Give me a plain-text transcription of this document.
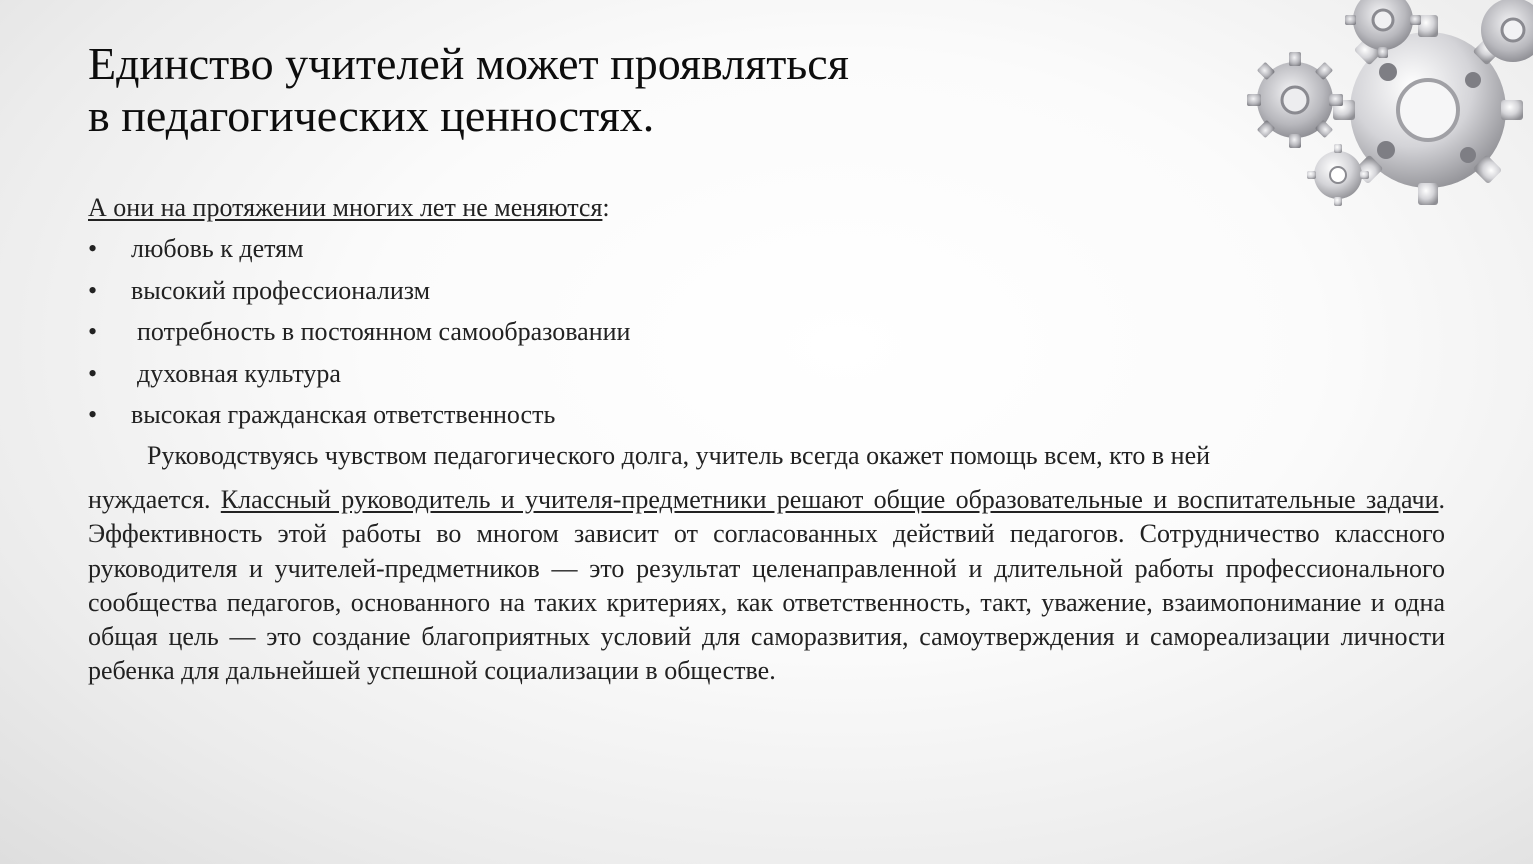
Единство учителей может проявляться
в педагогических ценностях.
А они на протяжении многих лет не меняются:
•	любовь к детям
•	высокий профессионализм
•	потребность в постоянном самообразовании
•	духовная культура
•	высокая гражданская ответственность
Руководствуясь чувством педагогического долга, учитель всегда окажет помощь всем, кто в ней

нуждается. Классный руководитель и учителя-предметники решают общие образовательные и воспитательные задачи. Эффективность этой работы во многом зависит от согласованных действий педагогов. Сотрудничество классного руководителя и учителей-предметников — это результат целенаправленной и длительной работы профессионального сообщества педагогов, основанного на таких критериях, как ответственность, такт, уважение, взаимопонимание и одна общая цель — это создание благоприятных условий для саморазвития, самоутверждения и самореализации личности ребенка для дальнейшей успешной социализации в обществе.
